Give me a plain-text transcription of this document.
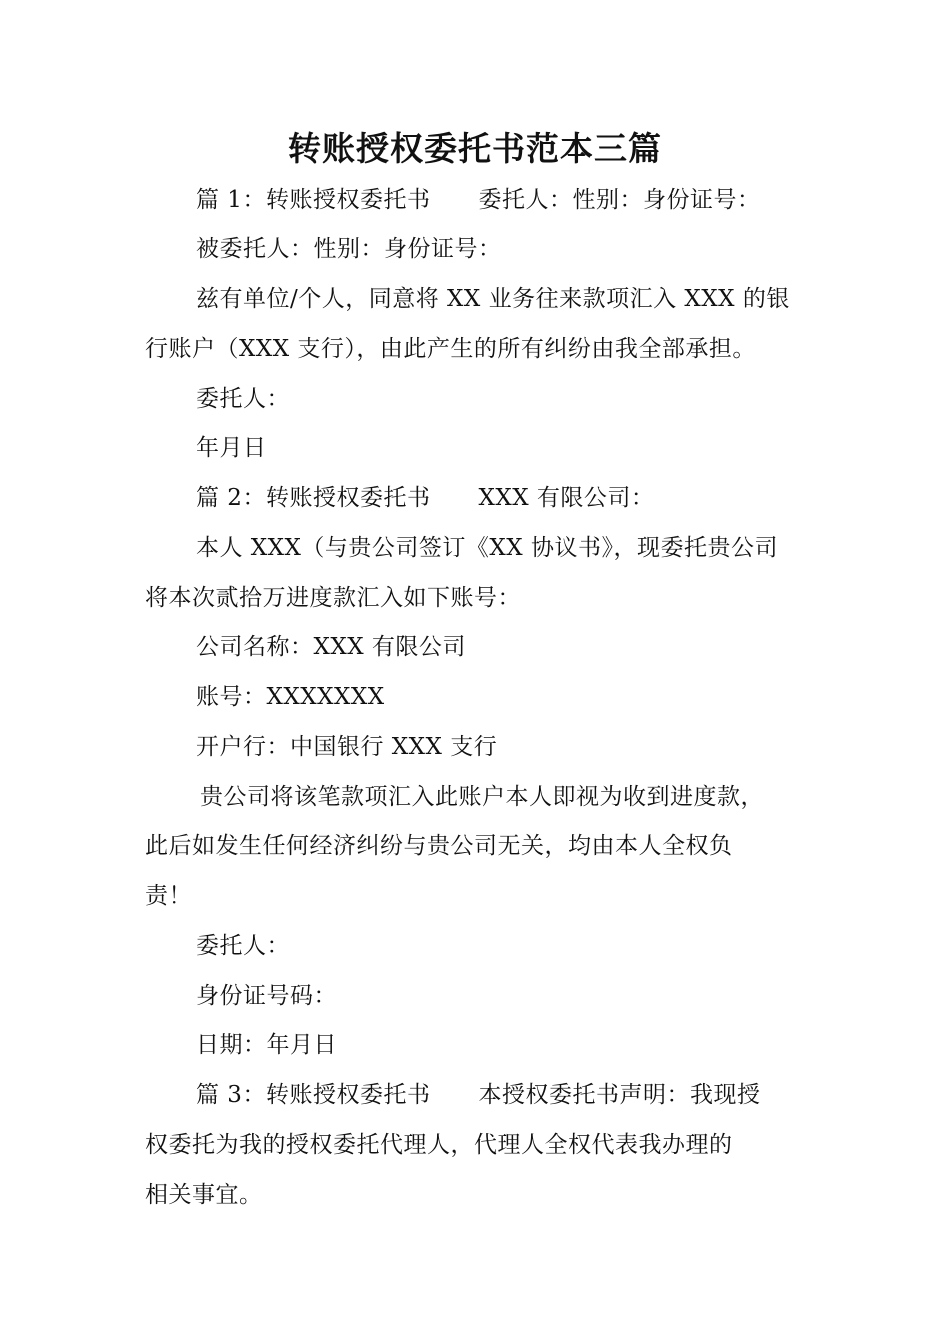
转账授权委托书范本三篇
篇 1：转账授权委托书 委托人：性别：身份证号：
被委托人：性别：身份证号：
兹有单位/个人，同意将 XX 业务往来款项汇入 XXX 的银
行账户（XXX 支行），由此产生的所有纠纷由我全部承担。
委托人：
年月日
篇 2：转账授权委托书 XXX 有限公司：
本人 XXX（与贵公司签订《XX 协议书》，现委托贵公司
将本次贰拾万进度款汇入如下账号：
公司名称：XXX 有限公司
账号：XXXXXXX
开户行：中国银行 XXX 支行
贵公司将该笔款项汇入此账户本人即视为收到进度款，
此后如发生任何经济纠纷与贵公司无关，均由本人全权负
责！
委托人：
身份证号码：
日期：年月日
篇 3：转账授权委托书 本授权委托书声明：我现授
权委托为我的授权委托代理人，代理人全权代表我办理的
相关事宜。
